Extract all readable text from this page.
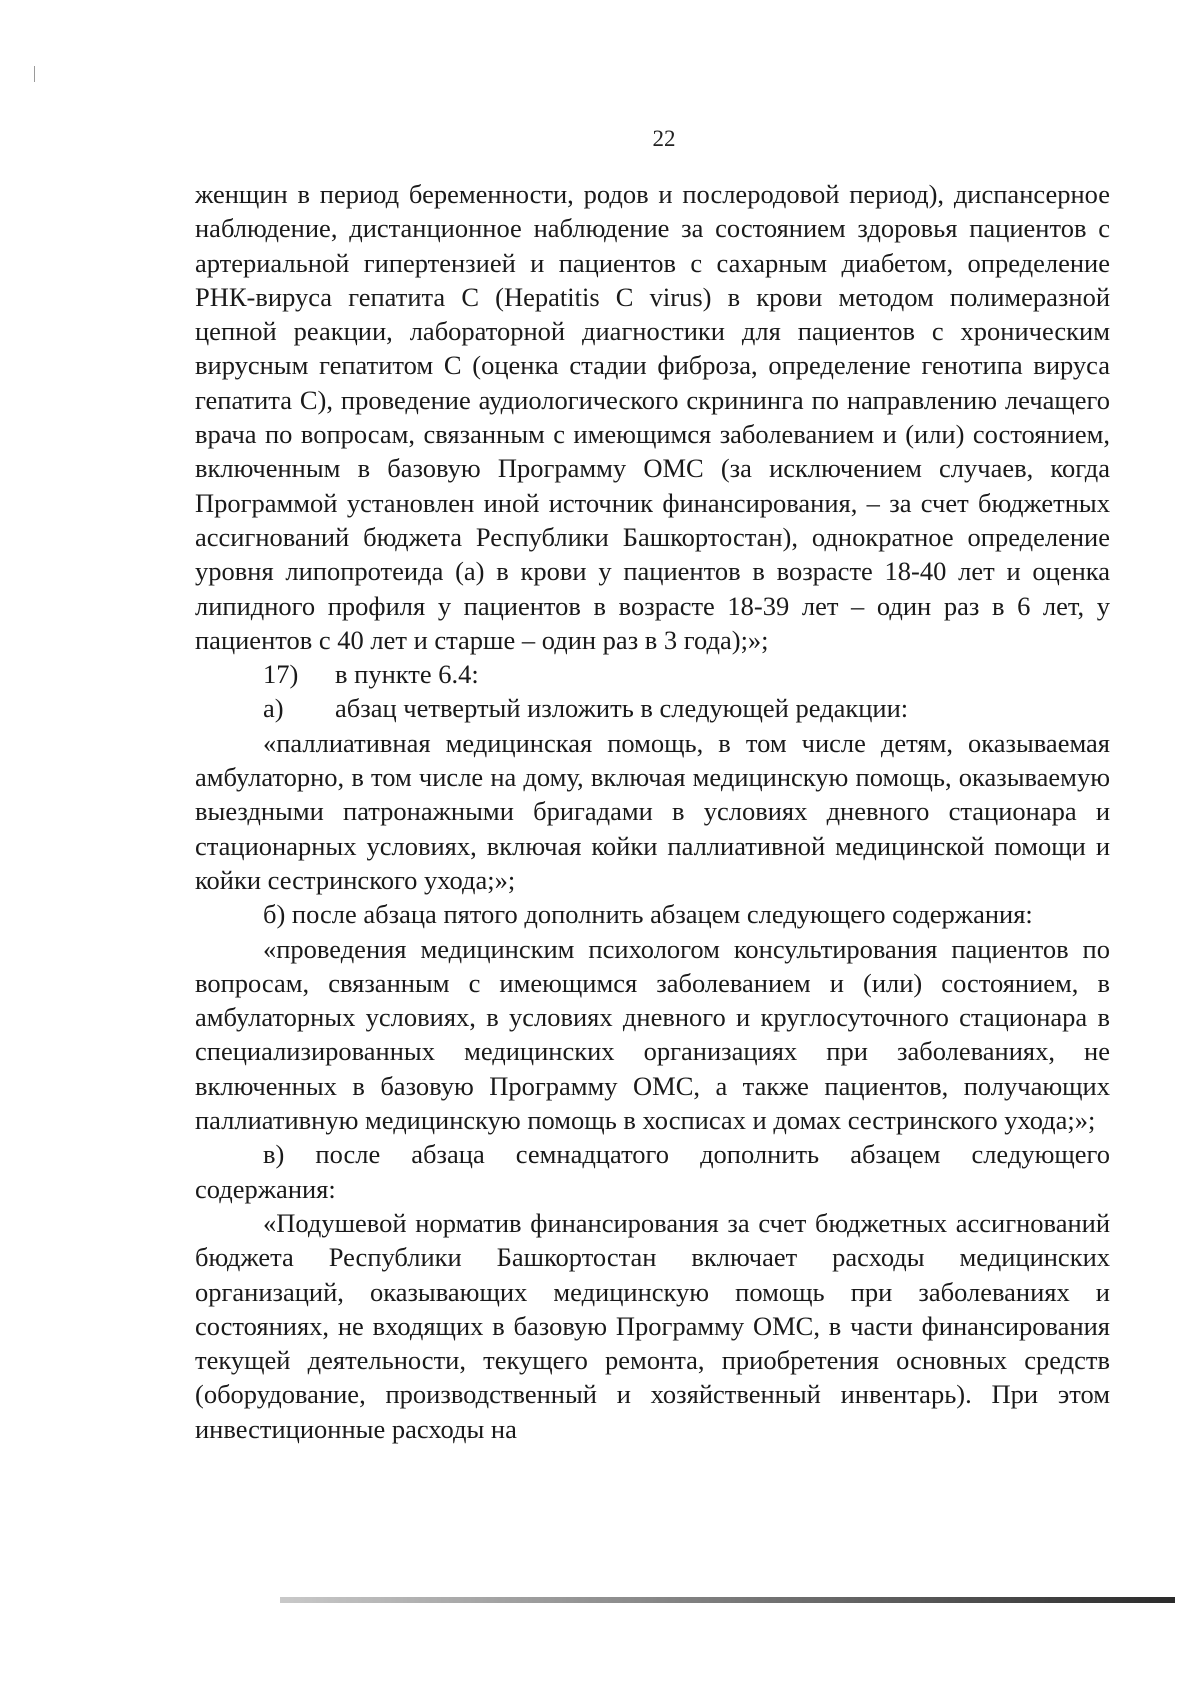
22

женщин в период беременности, родов и послеродовой период), диспансерное наблюдение, дистанционное наблюдение за состоянием здоровья пациентов с артериальной гипертензией и пациентов с сахарным диабетом, определение РНК-вируса гепатита С (Hepatitis C virus) в крови методом полимеразной цепной реакции, лабораторной диагностики для пациентов с хроническим вирусным гепатитом С (оценка стадии фиброза, определение генотипа вируса гепатита С), проведение аудиологического скрининга по направлению лечащего врача по вопросам, связанным с имеющимся заболеванием и (или) состоянием, включенным в базовую Программу ОМС (за исключением случаев, когда Программой установлен иной источник финансирования, – за счет бюджетных ассигнований бюджета Республики Башкортостан), однократное определение уровня липопротеида (а) в крови у пациентов в возрасте 18-40 лет и оценка липидного профиля у пациентов в возрасте 18-39 лет – один раз в 6 лет, у пациентов с 40 лет и старше – один раз в 3 года);»;

17) в пункте 6.4:

а) абзац четвертый изложить в следующей редакции:

«паллиативная медицинская помощь, в том числе детям, оказываемая амбулаторно, в том числе на дому, включая медицинскую помощь, оказываемую выездными патронажными бригадами в условиях дневного стационара и стационарных условиях, включая койки паллиативной медицинской помощи и койки сестринского ухода;»;

б) после абзаца пятого дополнить абзацем следующего содержания:

«проведения медицинским психологом консультирования пациентов по вопросам, связанным с имеющимся заболеванием и (или) состоянием, в амбулаторных условиях, в условиях дневного и круглосуточного стационара в специализированных медицинских организациях при заболеваниях, не включенных в базовую Программу ОМС, а также пациентов, получающих паллиативную медицинскую помощь в хосписах и домах сестринского ухода;»;

в) после абзаца семнадцатого дополнить абзацем следующего содержания:

«Подушевой норматив финансирования за счет бюджетных ассигнований бюджета Республики Башкортостан включает расходы медицинских организаций, оказывающих медицинскую помощь при заболеваниях и состояниях, не входящих в базовую Программу ОМС, в части финансирования текущей деятельности, текущего ремонта, приобретения основных средств (оборудование, производственный и хозяйственный инвентарь). При этом инвестиционные расходы на
